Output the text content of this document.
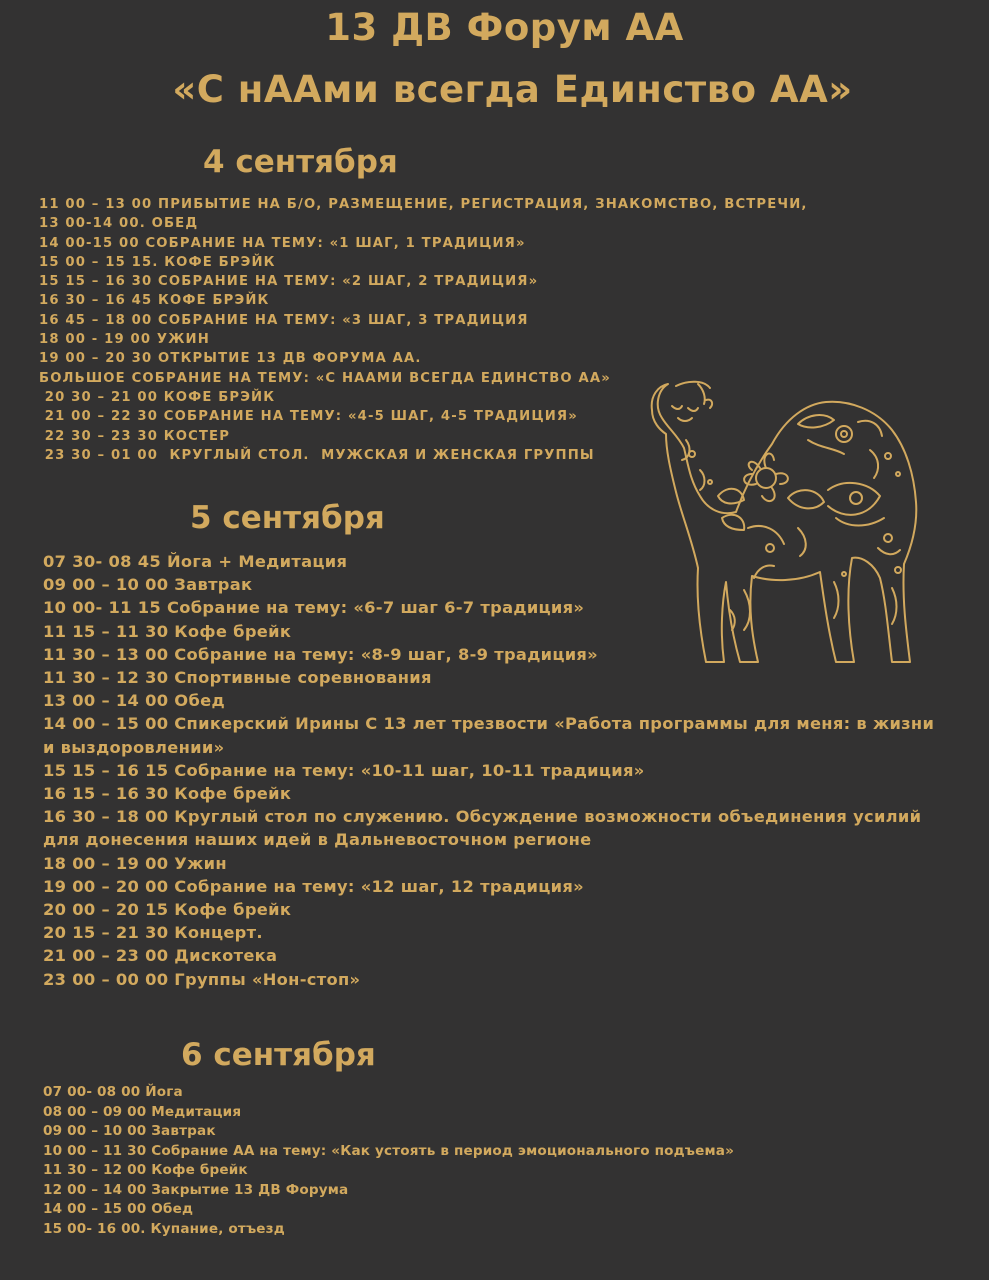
13 ДВ Форум АА
«С нААми всегда Единство АА»
4 сентября
11 00 – 13 00 ПРИБЫТИЕ НА Б/О, РАЗМЕЩЕНИЕ, РЕГИСТРАЦИЯ, ЗНАКОМСТВО, ВСТРЕЧИ,
13 00-14 00. ОБЕД
14 00-15 00 СОБРАНИЕ НА ТЕМУ: «1 ШАГ, 1 ТРАДИЦИЯ»
15 00 – 15 15. КОФЕ БРЭЙК
15 15 – 16 30 СОБРАНИЕ НА ТЕМУ: «2 ШАГ, 2 ТРАДИЦИЯ»
16 30 – 16 45 КОФЕ БРЭЙК
16 45 – 18 00 СОБРАНИЕ НА ТЕМУ: «3 ШАГ, 3 ТРАДИЦИЯ
18 00 - 19 00 УЖИН
19 00 – 20 30 ОТКРЫТИЕ 13 ДВ ФОРУМА АА.
БОЛЬШОЕ СОБРАНИЕ НА ТЕМУ: «С НААМИ ВСЕГДА ЕДИНСТВО АА»
20 30 – 21 00 КОФЕ БРЭЙК
21 00 – 22 30 СОБРАНИЕ НА ТЕМУ: «4-5 ШАГ, 4-5 ТРАДИЦИЯ»
22 30 – 23 30 КОСТЕР
23 30 – 01 00  КРУГЛЫЙ СТОЛ.  МУЖСКАЯ И ЖЕНСКАЯ ГРУППЫ
5 сентября
07 30- 08 45 Йога + Медитация
09 00 – 10 00 Завтрак
10 00- 11 15 Собрание на тему: «6-7 шаг 6-7 традиция»
11 15 – 11 30 Кофе брейк
11 30 – 13 00 Собрание на тему: «8-9 шаг, 8-9 традиция»
11 30 – 12 30 Спортивные соревнования
13 00 – 14 00 Обед
14 00 – 15 00 Спикерский Ирины С 13 лет трезвости «Работа программы для меня: в жизни и выздоровлении»
15 15 – 16 15 Собрание на тему: «10-11 шаг, 10-11 традиция»
16 15 – 16 30 Кофе брейк
16 30 – 18 00 Круглый стол по служению. Обсуждение возможности объединения усилий для донесения наших идей в Дальневосточном регионе
18 00 – 19 00 Ужин
19 00 – 20 00 Собрание на тему: «12 шаг, 12 традиция»
20 00 – 20 15 Кофе брейк
20 15 – 21 30 Концерт.
21 00 – 23 00 Дискотека
23 00 – 00 00 Группы «Нон-стоп»
6 сентября
07 00- 08 00 Йога
08 00 – 09 00 Медитация
09 00 – 10 00 Завтрак
10 00 – 11 30 Собрание АА на тему: «Как устоять в период эмоционального подъема»
11 30 – 12 00 Кофе брейк
12 00 – 14 00 Закрытие 13 ДВ Форума
14 00 – 15 00 Обед
15 00- 16 00. Купание, отъезд
